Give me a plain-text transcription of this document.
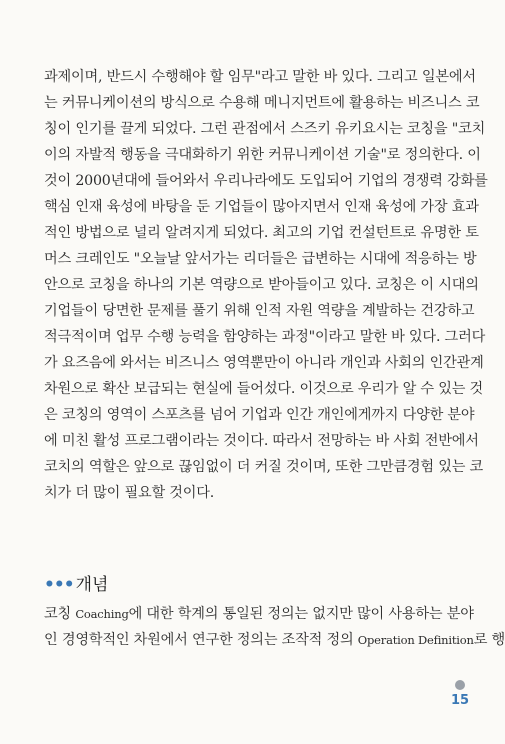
과제이며, 반드시 수행해야 할 임무"라고 말한 바 있다. 그리고 일본에서
는 커뮤니케이션의 방식으로 수용해 메니지먼트에 활용하는 비즈니스 코
칭이 인기를 끌게 되었다. 그런 관점에서 스즈키 유키요시는 코칭을 "코치
이의 자발적 행동을 극대화하기 위한 커뮤니케이션 기술"로 정의한다. 이
것이 2000년대에 들어와서 우리나라에도 도입되어 기업의 경쟁력 강화를
핵심 인재 육성에 바탕을 둔 기업들이 많아지면서 인재 육성에 가장 효과
적인 방법으로 널리 알려지게 되었다. 최고의 기업 컨설턴트로 유명한 토
머스 크레인도 "오늘날 앞서가는 리더들은 급변하는 시대에 적응하는 방
안으로 코칭을 하나의 기본 역량으로 받아들이고 있다. 코칭은 이 시대의
기업들이 당면한 문제를 풀기 위해 인적 자원 역량을 계발하는 건강하고
적극적이며 업무 수행 능력을 함양하는 과정"이라고 말한 바 있다. 그러다
가 요즈음에 와서는 비즈니스 영역뿐만이 아니라 개인과 사회의 인간관계
차원으로 확산 보급되는 현실에 들어섰다. 이것으로 우리가 알 수 있는 것
은 코칭의 영역이 스포츠를 넘어 기업과 인간 개인에게까지 다양한 분야
에 미친 활성 프로그램이라는 것이다. 따라서 전망하는 바 사회 전반에서
코치의 역할은 앞으로 끊임없이 더 커질 것이며, 또한 그만큼경험 있는 코
치가 더 많이 필요할 것이다.
••• 개념
코칭 Coaching에 대한 학계의 통일된 정의는 없지만 많이 사용하는 분야
인 경영학적인 차원에서 연구한 정의는 조작적 정의 Operation Definition로 행
15
